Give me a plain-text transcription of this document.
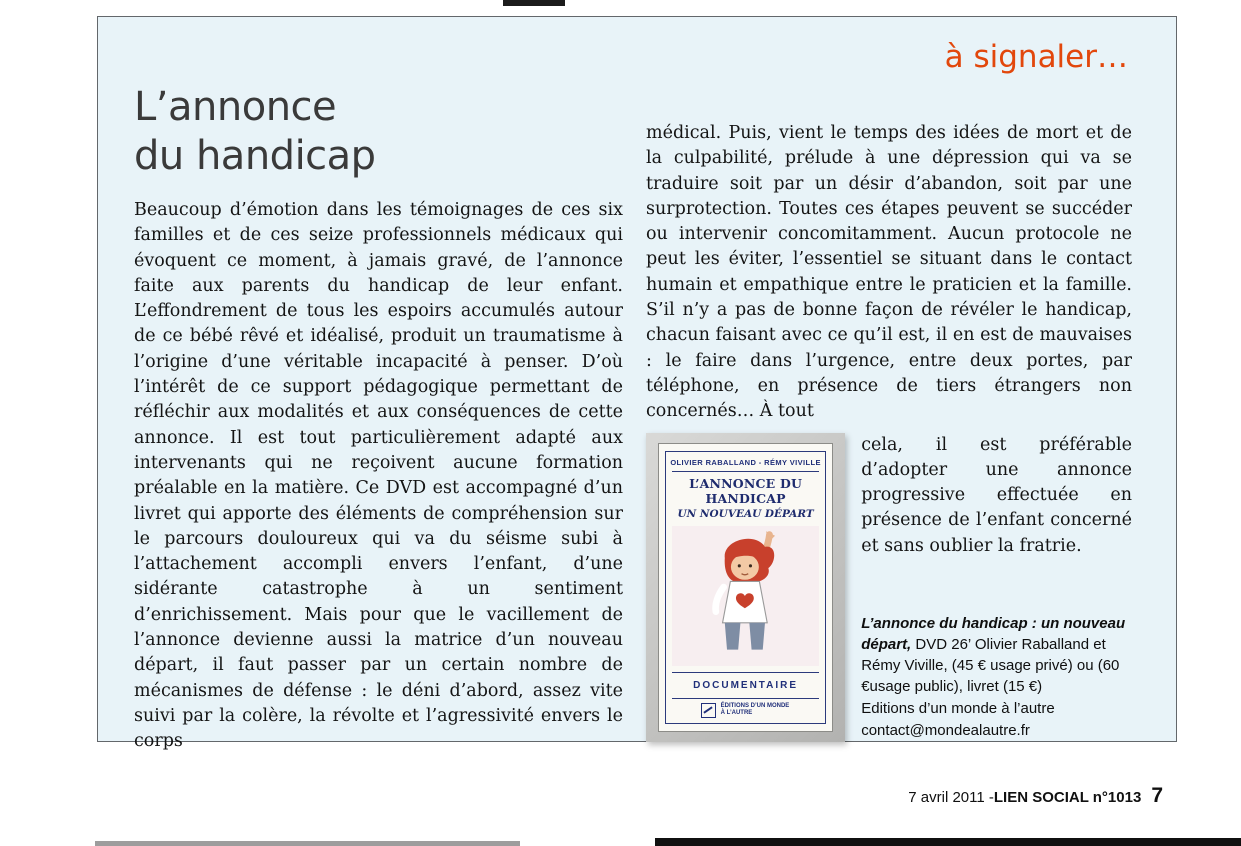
à signaler…
L’annonce
du handicap
Beaucoup d’émotion dans les témoignages de ces six familles et de ces seize professionnels médicaux qui évoquent ce moment, à jamais gravé, de l’annonce faite aux parents du handicap de leur enfant. L’effondrement de tous les espoirs accumulés autour de ce bébé rêvé et idéalisé, produit un traumatisme à l’origine d’une véritable incapacité à penser. D’où l’intérêt de ce support pédagogique permettant de réfléchir aux modalités et aux conséquences de cette annonce. Il est tout particulièrement adapté aux intervenants qui ne reçoivent aucune formation préalable en la matière. Ce DVD est accompagné d’un livret qui apporte des éléments de compréhension sur le parcours douloureux qui va du séisme subi à l’attachement accompli envers l’enfant, d’une sidérante catastrophe à un sentiment d’enrichissement. Mais pour que le vacillement de l’annonce devienne aussi la matrice d’un nouveau départ, il faut passer par un certain nombre de mécanismes de défense : le déni d’abord, assez vite suivi par la colère, la révolte et l’agressivité envers le corps

médical. Puis, vient le temps des idées de mort et de la culpabilité, prélude à une dépression qui va se traduire soit par un désir d’abandon, soit par une surprotection. Toutes ces étapes peuvent se succéder ou intervenir concomitamment. Aucun protocole ne peut les éviter, l’essentiel se situant dans le contact humain et empathique entre le praticien et la famille. S’il n’y a pas de bonne façon de révéler le handicap, chacun faisant avec ce qu’il est, il en est de mauvaises : le faire dans l’urgence, entre deux portes, par téléphone, en présence de tiers étrangers non concernés… À tout

OLIVIER RABALLAND - RÉMY VIVILLE
L’ANNONCE DU HANDICAP
UN NOUVEAU DÉPART
DOCUMENTAIRE
ÉDITIONS D’UN MONDE À L’AUTRE

cela, il est préférable d’adopter une annonce progressive effectuée en présence de l’enfant concerné et sans oublier la fratrie.

L’annonce du handicap : un nouveau départ, DVD 26’ Olivier Raballand et Rémy Viville, (45 € usage privé) ou (60 €usage public), livret (15 €)

Editions d’un monde à l’autre
contact@mondealautre.fr
7 avril 2011 - LIEN SOCIAL n°1013 7
